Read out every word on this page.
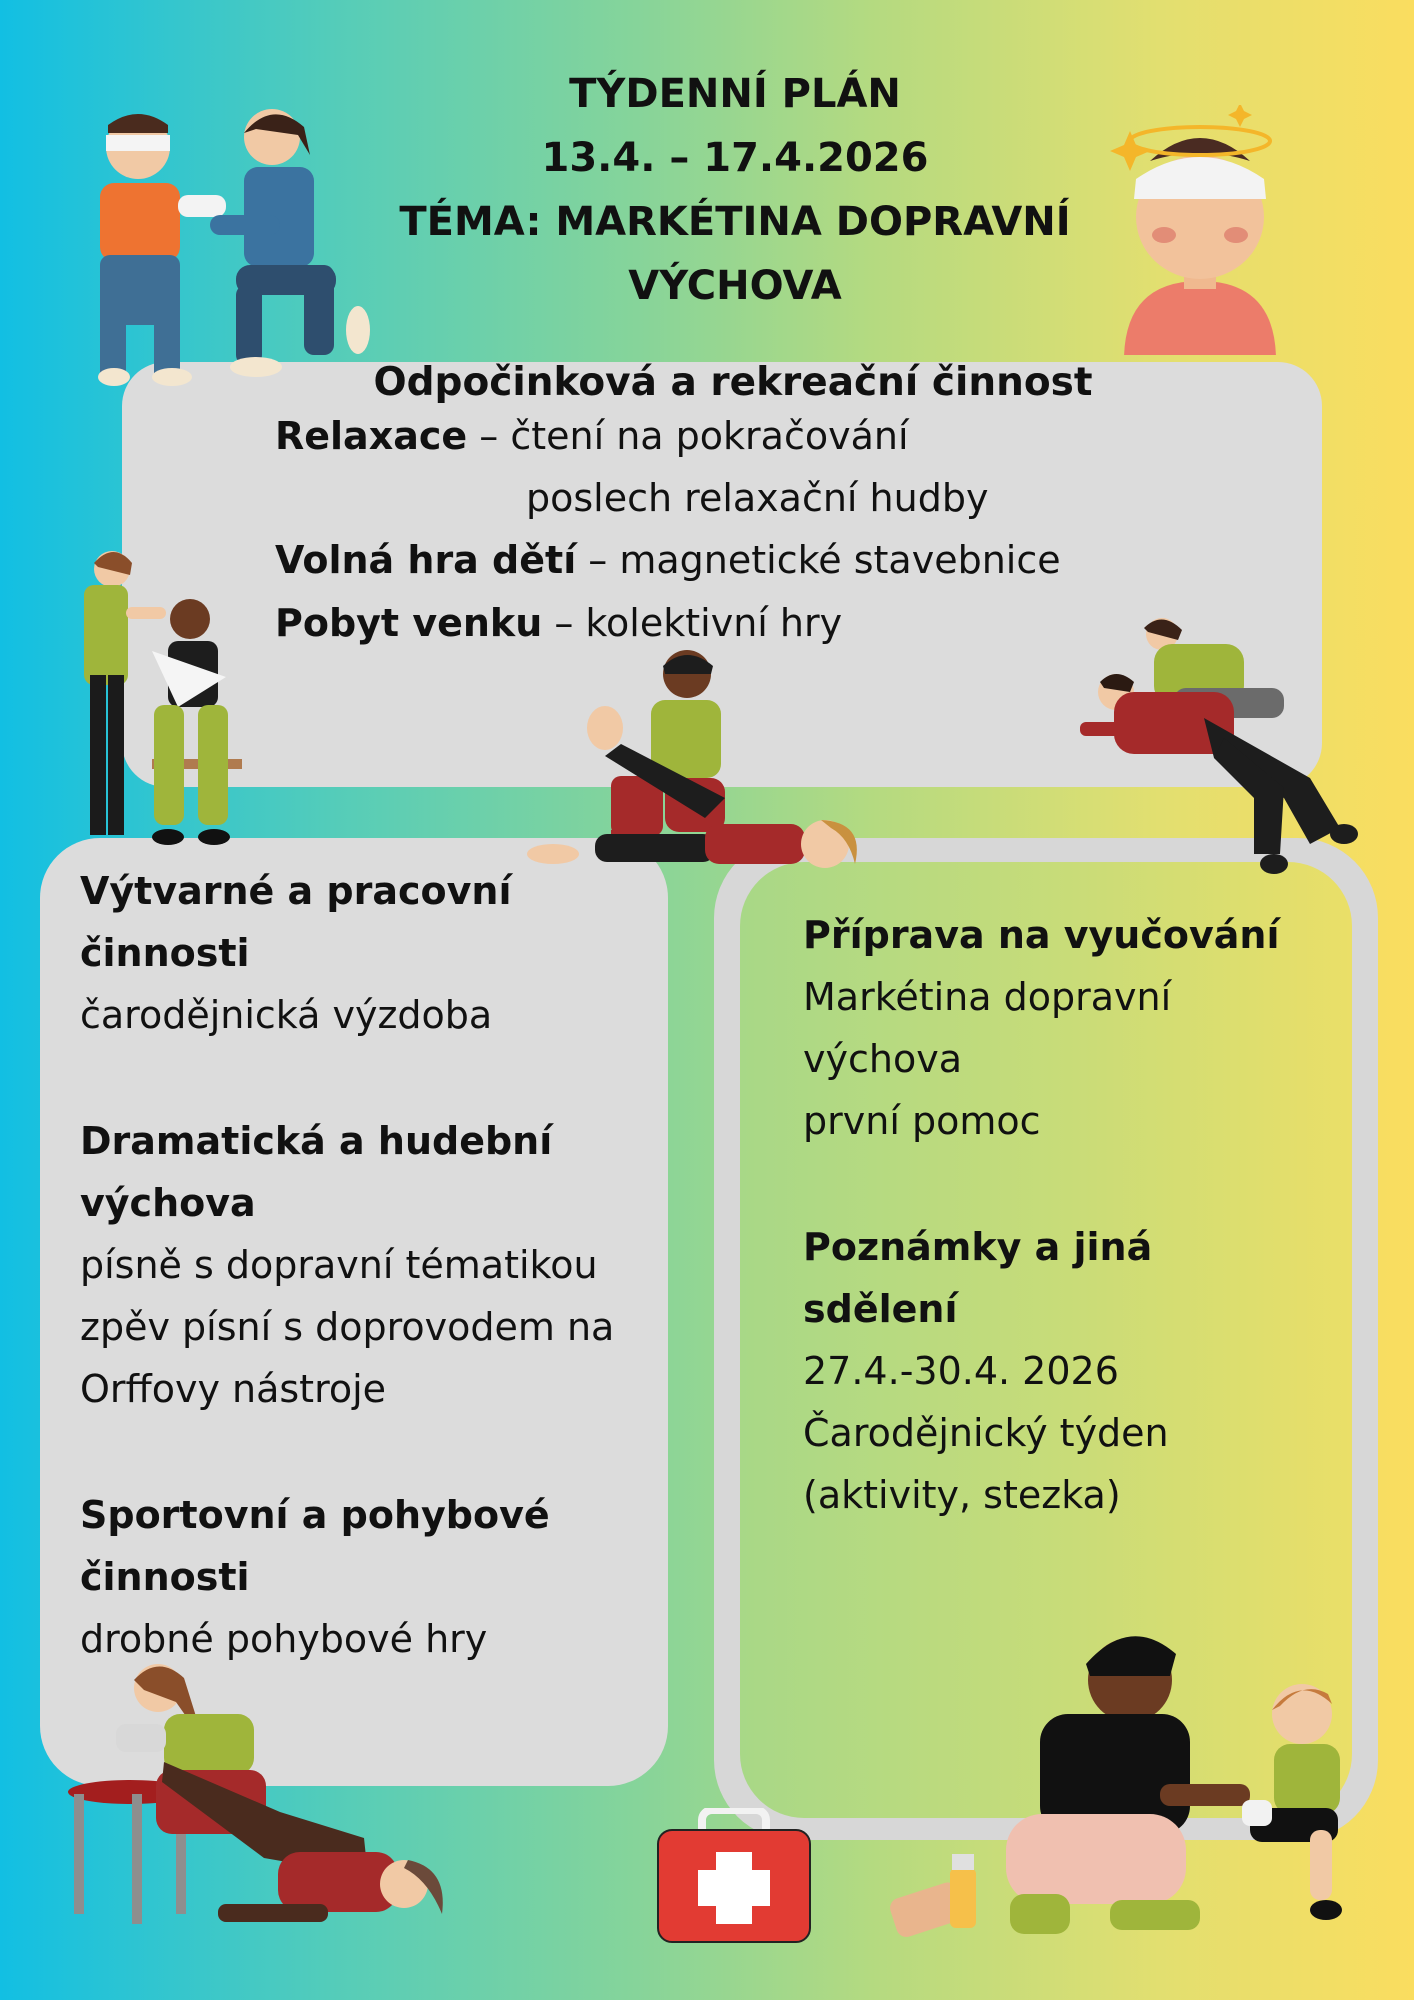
TÝDENNÍ PLÁN
13.4. – 17.4.2026
TÉMA: MARKÉTINA DOPRAVNÍ
VÝCHOVA
Odpočinková a rekreační činnost
Relaxace – čtení na pokračování
poslech relaxační hudby
Volná hra dětí – magnetické stavebnice
Pobyt venku – kolektivní hry
Výtvarné a pracovní
činnosti
čarodějnická výzdoba
Dramatická a hudební
výchova
písně s dopravní tématikou
zpěv písní s doprovodem na
Orffovy nástroje
Sportovní a pohybové
činnosti
drobné pohybové hry
Příprava na vyučování
Markétina dopravní
výchova
první pomoc
Poznámky a jiná
sdělení
27.4.-30.4. 2026
Čarodějnický týden
(aktivity, stezka)
